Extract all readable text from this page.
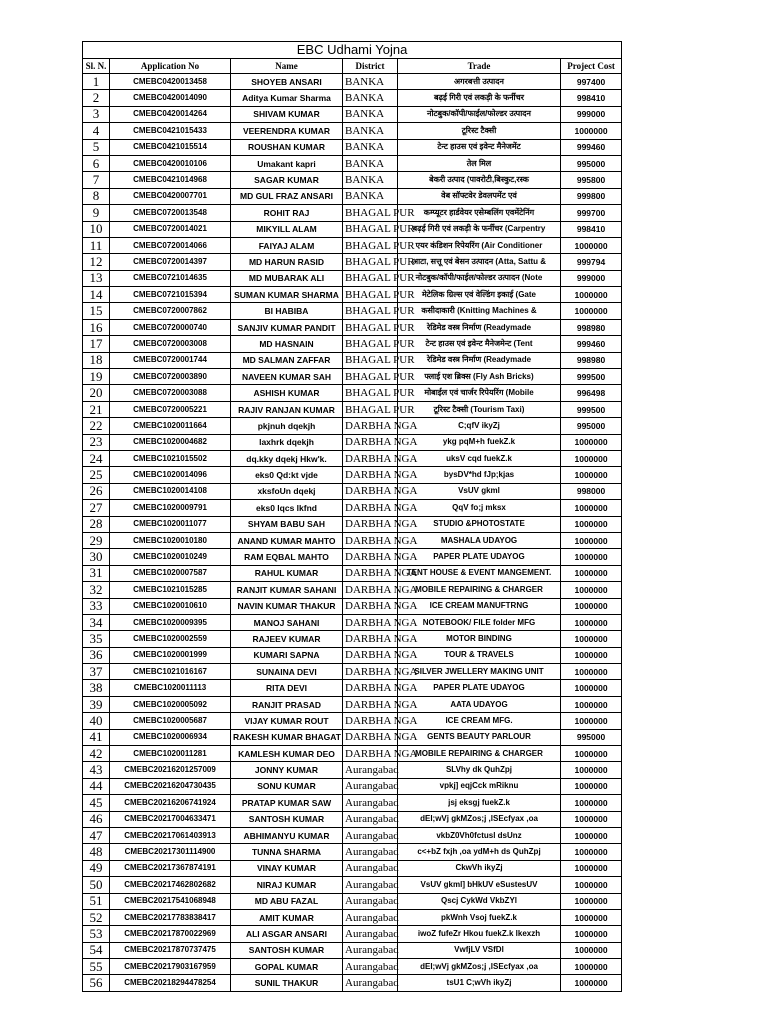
EBC Udhami Yojna					
Sl. N.	Application No	Name	District	Trade	Project Cost
1	CMEBC0420013458	SHOYEB ANSARI	BANKA	अगरबत्ती उत्पादन	997400
2	CMEBC0420014090	Aditya Kumar Sharma	BANKA	बढ़ई गिरी एवं लकड़ी के फर्नीचर	998410
3	CMEBC0420014264	SHIVAM KUMAR	BANKA	नोटबुक/कॉपी/फाईल/फोल्डर उत्पादन	999000
4	CMEBC0421015433	VEERENDRA KUMAR	BANKA	टूरिस्ट टैक्सी	1000000
5	CMEBC0421015514	ROUSHAN KUMAR	BANKA	टेन्ट हाउस एवं इवेन्ट मैनेजमेंट	999460
6	CMEBC0420010106	Umakant kapri	BANKA	तेल मिल	995000
7	CMEBC0421014968	SAGAR KUMAR	BANKA	बेकरी उत्पाद (पावरोटी,बिस्कुट,रस्क	995800
8	CMEBC0420007701	MD GUL FRAZ ANSARI	BANKA	वेब सॉफ्टवेर डेवलपमेंट एवं	999800
9	CMEBC0720013548	ROHIT RAJ	BHAGAL PUR	कम्प्यूटर हार्डवेयर एसेम्बलिंग एवमेंटेनिंग	999700
10	CMEBC0720014021	MIKYILL ALAM	BHAGAL PUR	बढ़ई गिरी एवं लकड़ी के फर्नीचर (Carpentry	998410
11	CMEBC0720014066	FAIYAJ ALAM	BHAGAL PUR	एयर कंडिशन रिपेयरिंग (Air Conditioner	1000000
12	CMEBC0720014397	MD HARUN RASID	BHAGAL PUR	आटा, सत्तू एवं बेसन उत्पादन (Atta, Sattu &	999794
13	CMEBC0721014635	MD MUBARAK ALI	BHAGAL PUR	नोटबुक/कॉपी/फाईल/फोल्डर उत्पादन (Note	999000
14	CMEBC0721015394	SUMAN KUMAR SHARMA	BHAGAL PUR	मेटेलिक ग्रिल्स एवं वेल्डिंग इकाई (Gate	1000000
15	CMEBC0720007862	BI HABIBA	BHAGAL PUR	कसीदाकारी (Knitting Machines &	1000000
16	CMEBC0720000740	SANJIV KUMAR PANDIT	BHAGAL PUR	रेडिमेड वस्त्र निर्माण (Readymade	998980
17	CMEBC0720003008	MD HASNAIN	BHAGAL PUR	टेन्ट हाउस एवं इवेन्ट मैनेजमेन्ट (Tent	999460
18	CMEBC0720001744	MD SALMAN ZAFFAR	BHAGAL PUR	रेडिमेड वस्त्र निर्माण (Readymade	998980
19	CMEBC0720003890	NAVEEN KUMAR SAH	BHAGAL PUR	फ्लाई एश ब्रिक्स (Fly Ash Bricks)	999500
20	CMEBC0720003088	ASHISH KUMAR	BHAGAL PUR	मोबाईल एवं चार्जर रिपेयरिंग (Mobile	996498
21	CMEBC0720005221	RAJIV RANJAN KUMAR	BHAGAL PUR	टूरिस्ट टैक्सी (Tourism Taxi)	999500
22	CMEBC1020011664	pkjnuh dqekjh	DARBHA NGA	C;qfV ikyZj	995000
23	CMEBC1020004682	laxhrk dqekjh	DARBHA NGA	ykg pqM+h fuekZ.k	1000000
24	CMEBC1021015502	dq.kky dqekj Hkw'k.	DARBHA NGA	uksV cqd fuekZ.k	1000000
25	CMEBC1020014096	eks0 Qd:kt vjde	DARBHA NGA	bysDV*hd fJp;kjas	1000000
26	CMEBC1020014108	xksfoUn dqekj	DARBHA NGA	VsUV gkml	998000
27	CMEBC1020009791	eks0 lqcs lkfnd	DARBHA NGA	QqV fo;j mksx	1000000
28	CMEBC1020011077	SHYAM BABU SAH	DARBHA NGA	STUDIO &PHOTOSTATE	1000000
29	CMEBC1020010180	ANAND KUMAR MAHTO	DARBHA NGA	MASHALA UDAYOG	1000000
30	CMEBC1020010249	RAM EQBAL MAHTO	DARBHA NGA	PAPER PLATE UDAYOG	1000000
31	CMEBC1020007587	RAHUL KUMAR	DARBHA NGA	TENT HOUSE & EVENT MANGEMENT.	1000000
32	CMEBC1021015285	RANJIT KUMAR SAHANI	DARBHA NGA	MOBILE REPAIRING & CHARGER	1000000
33	CMEBC1020010610	NAVIN KUMAR THAKUR	DARBHA NGA	ICE CREAM MANUFTRNG	1000000
34	CMEBC1020009395	MANOJ SAHANI	DARBHA NGA	NOTEBOOK/ FILE folder MFG	1000000
35	CMEBC1020002559	RAJEEV KUMAR	DARBHA NGA	MOTOR BINDING	1000000
36	CMEBC1020001999	KUMARI SAPNA	DARBHA NGA	TOUR & TRAVELS	1000000
37	CMEBC1021016167	SUNAINA DEVI	DARBHA NGA	SILVER JWELLERY MAKING UNIT	1000000
38	CMEBC1020011113	RITA DEVI	DARBHA NGA	PAPER PLATE UDAYOG	1000000
39	CMEBC1020005092	RANJIT PRASAD	DARBHA NGA	AATA UDAYOG	1000000
40	CMEBC1020005687	VIJAY KUMAR ROUT	DARBHA NGA	ICE CREAM MFG.	1000000
41	CMEBC1020006934	RAKESH KUMAR BHAGAT	DARBHA NGA	GENTS BEAUTY PARLOUR	995000
42	CMEBC1020011281	KAMLESH KUMAR DEO	DARBHA NGA	MOBILE REPAIRING & CHARGER	1000000
43	CMEBC20216201257009	JONNY KUMAR	Aurangabad	SLVhy dk QuhZpj	1000000
44	CMEBC20216204730435	SONU KUMAR	Aurangabad	vpkj] eqjCck mRiknu	1000000
45	CMEBC20216206741924	PRATAP KUMAR SAW	Aurangabad	jsj eksgj fuekZ.k	1000000
46	CMEBC20217004633471	SANTOSH KUMAR	Aurangabad	dEI;wVj gkMZos;j ,lSEcfyax ,oa	1000000
47	CMEBC20217061403913	ABHIMANYU KUMAR	Aurangabad	vkbZ0Vh0fctusl dsUnz	1000000
48	CMEBC20217301114900	TUNNA SHARMA	Aurangabad	c<+bZ fxjh ,oa ydM+h ds QuhZpj	1000000
49	CMEBC20217367874191	VINAY KUMAR	Aurangabad	CkwVh ikyZj	1000000
50	CMEBC20217462802682	NIRAJ KUMAR	Aurangabad	VsUV gkml] bHkUV eSustesUV	1000000
51	CMEBC20217541068948	MD ABU FAZAL	Aurangabad	Qscj CykWd VkbZYl	1000000
52	CMEBC20217783838417	AMIT KUMAR	Aurangabad	pkWnh Vsoj fuekZ.k	1000000
53	CMEBC20217870022969	ALI ASGAR ANSARI	Aurangabad	iwoZ fufeZr Hkou fuekZ.k lkexzh	1000000
54	CMEBC20217870737475	SANTOSH KUMAR	Aurangabad	VwfjLV VSfDl	1000000
55	CMEBC20217903167959	GOPAL KUMAR	Aurangabad	dEI;wVj gkMZos;j ,lSEcfyax ,oa	1000000
56	CMEBC20218294478254	SUNIL THAKUR	Aurangabad	tsU1 C;wVh ikyZj	1000000
